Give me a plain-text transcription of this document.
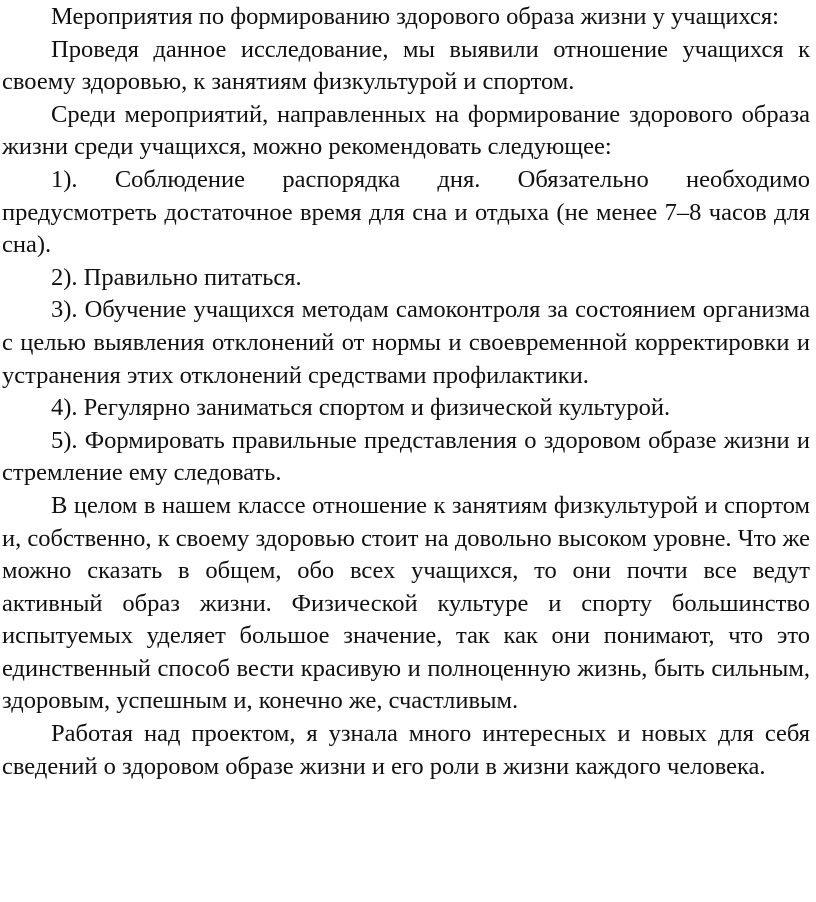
Мероприятия по формированию здорового образа жизни у учащихся:

Проведя данное исследование, мы выявили отношение учащихся к своему здоровью, к занятиям физкультурой и спортом.

Среди мероприятий, направленных на формирование здорового образа жизни среди учащихся, можно рекомендовать следующее:

1). Соблюдение распорядка дня. Обязательно необходимо предусмотреть достаточное время для сна и отдыха (не менее 7–8 часов для сна).

2). Правильно питаться.

3). Обучение учащихся методам самоконтроля за состоянием организма с целью выявления отклонений от нормы и своевременной корректировки и устранения этих отклонений средствами профилактики.

4). Регулярно заниматься спортом и физической культурой.

5). Формировать правильные представления о здоровом образе жизни и стремление ему следовать.

В целом в нашем классе отношение к занятиям физкультурой и спортом и, собственно, к своему здоровью стоит на довольно высоком уровне. Что же можно сказать в общем, обо всех учащихся, то они почти все ведут активный образ жизни. Физической культуре и спорту большинство испытуемых уделяет большое значение, так как они понимают, что это единственный способ вести красивую и полноценную жизнь, быть сильным, здоровым, успешным и, конечно же, счастливым.

Работая над проектом, я узнала много интересных и новых для себя сведений о здоровом образе жизни и его роли в жизни каждого человека.
